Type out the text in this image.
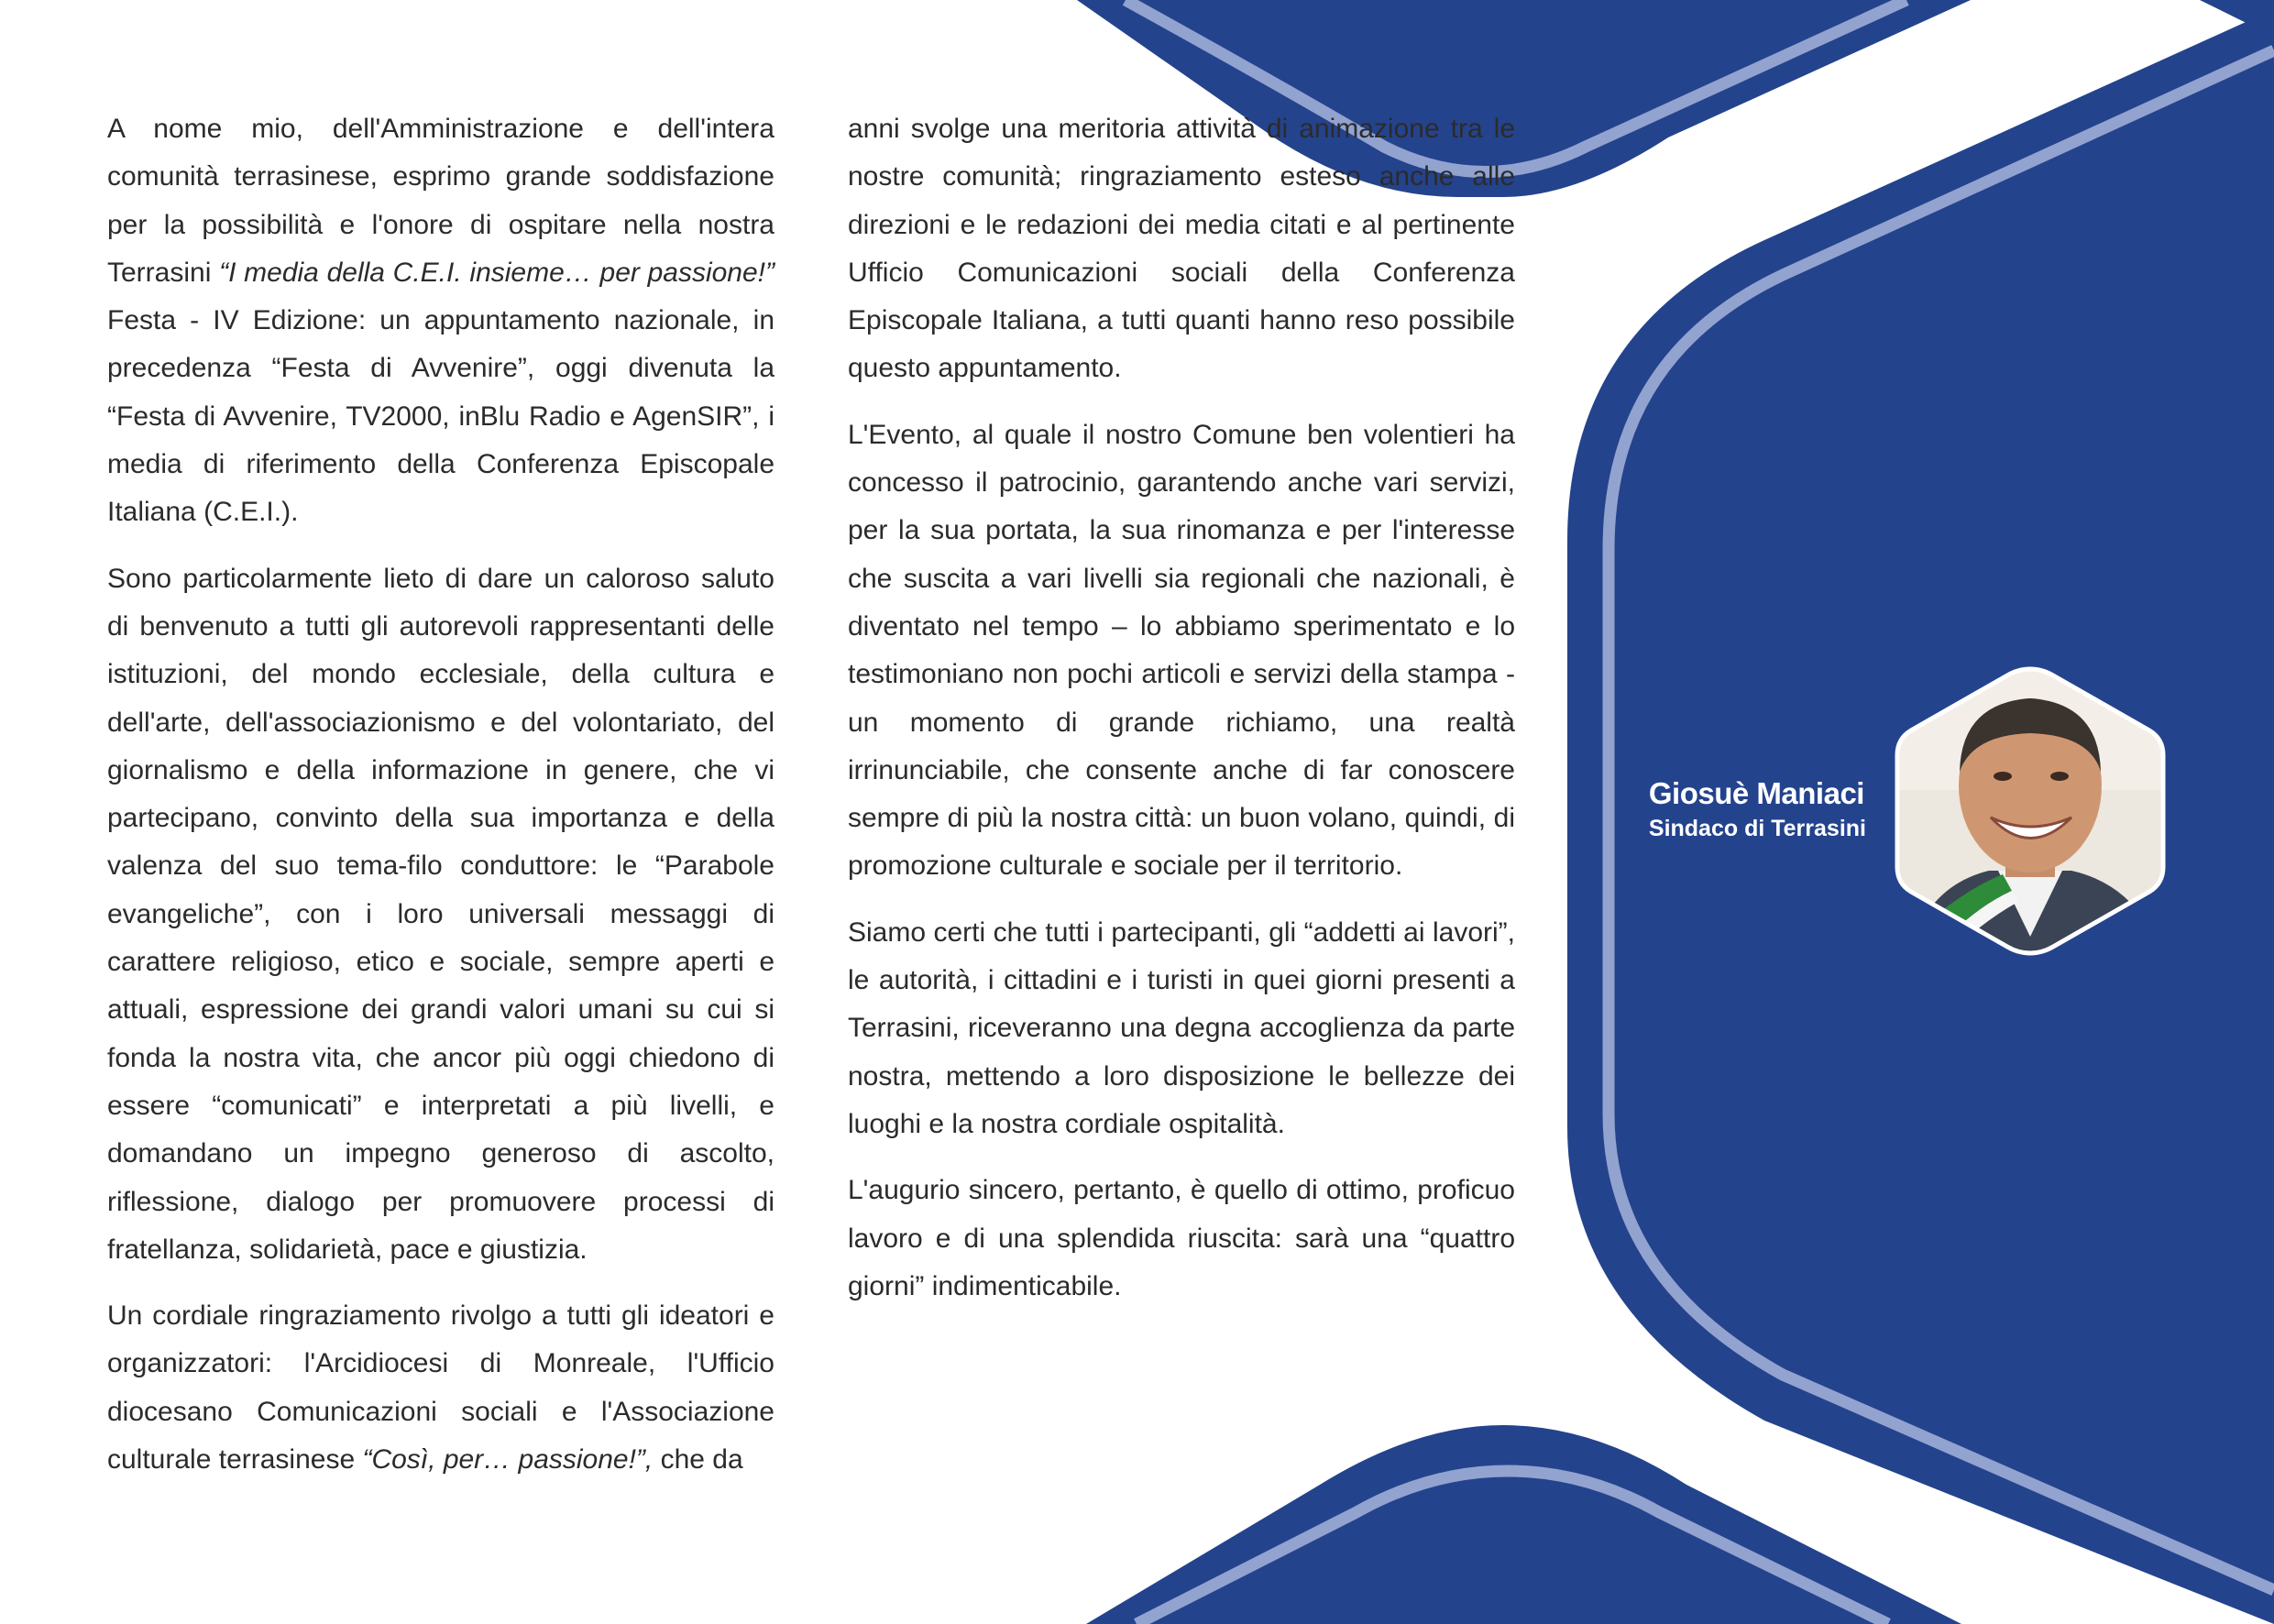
A nome mio, dell'Amministrazione e dell'intera comunità terrasinese, esprimo grande soddisfazione per la possibilità e l'onore di ospitare nella nostra Terrasini “I media della C.E.I. insieme… per passione!” Festa - IV Edizione: un appuntamento nazionale, in precedenza “Festa di Avvenire”, oggi divenuta la “Festa di Avvenire, TV2000, inBlu Radio e AgenSIR”, i media di riferimento della Conferenza Episcopale Italiana (C.E.I.).

Sono particolarmente lieto di dare un caloroso saluto di benvenuto a tutti gli autorevoli rappresentanti delle istituzioni, del mondo ecclesiale, della cultura e dell'arte, dell'associazionismo e del volontariato, del giornalismo e della informazione in genere, che vi partecipano, convinto della sua importanza e della valenza del suo tema-filo conduttore: le “Parabole evangeliche”, con i loro universali messaggi di carattere religioso, etico e sociale, sempre aperti e attuali, espressione dei grandi valori umani su cui si fonda la nostra vita, che ancor più oggi chiedono di essere “comunicati” e interpretati a più livelli, e domandano un impegno generoso di ascolto, riflessione, dialogo per promuovere processi di fratellanza, solidarietà, pace e giustizia.

Un cordiale ringraziamento rivolgo a tutti gli ideatori e organizzatori: l'Arcidiocesi di Monreale, l'Ufficio diocesano Comunicazioni sociali e l'Associazione culturale terrasinese “Così, per… passione!”, che da

anni svolge una meritoria attività di animazione tra le nostre comunità; ringraziamento esteso anche alle direzioni e le redazioni dei media citati e al pertinente Ufficio Comunicazioni sociali della Conferenza Episcopale Italiana, a tutti quanti hanno reso possibile questo appuntamento.

L'Evento, al quale il nostro Comune ben volentieri ha concesso il patrocinio, garantendo anche vari servizi, per la sua portata, la sua rinomanza e per l'interesse che suscita a vari livelli sia regionali che nazionali, è diventato nel tempo – lo abbiamo sperimentato e lo testimoniano non pochi articoli e servizi della stampa - un momento di grande richiamo, una realtà irrinunciabile, che consente anche di far conoscere sempre di più la nostra città: un buon volano, quindi, di promozione culturale e sociale per il territorio.

Siamo certi che tutti i partecipanti, gli “addetti ai lavori”, le autorità, i cittadini e i turisti in quei giorni presenti a Terrasini, riceveranno una degna accoglienza da parte nostra, mettendo a loro disposizione le bellezze dei luoghi e la nostra cordiale ospitalità.

L'augurio sincero, pertanto, è quello di ottimo, proficuo lavoro e di una splendida riuscita: sarà una “quattro giorni” indimenticabile.

Giosuè Maniaci
Sindaco di Terrasini
